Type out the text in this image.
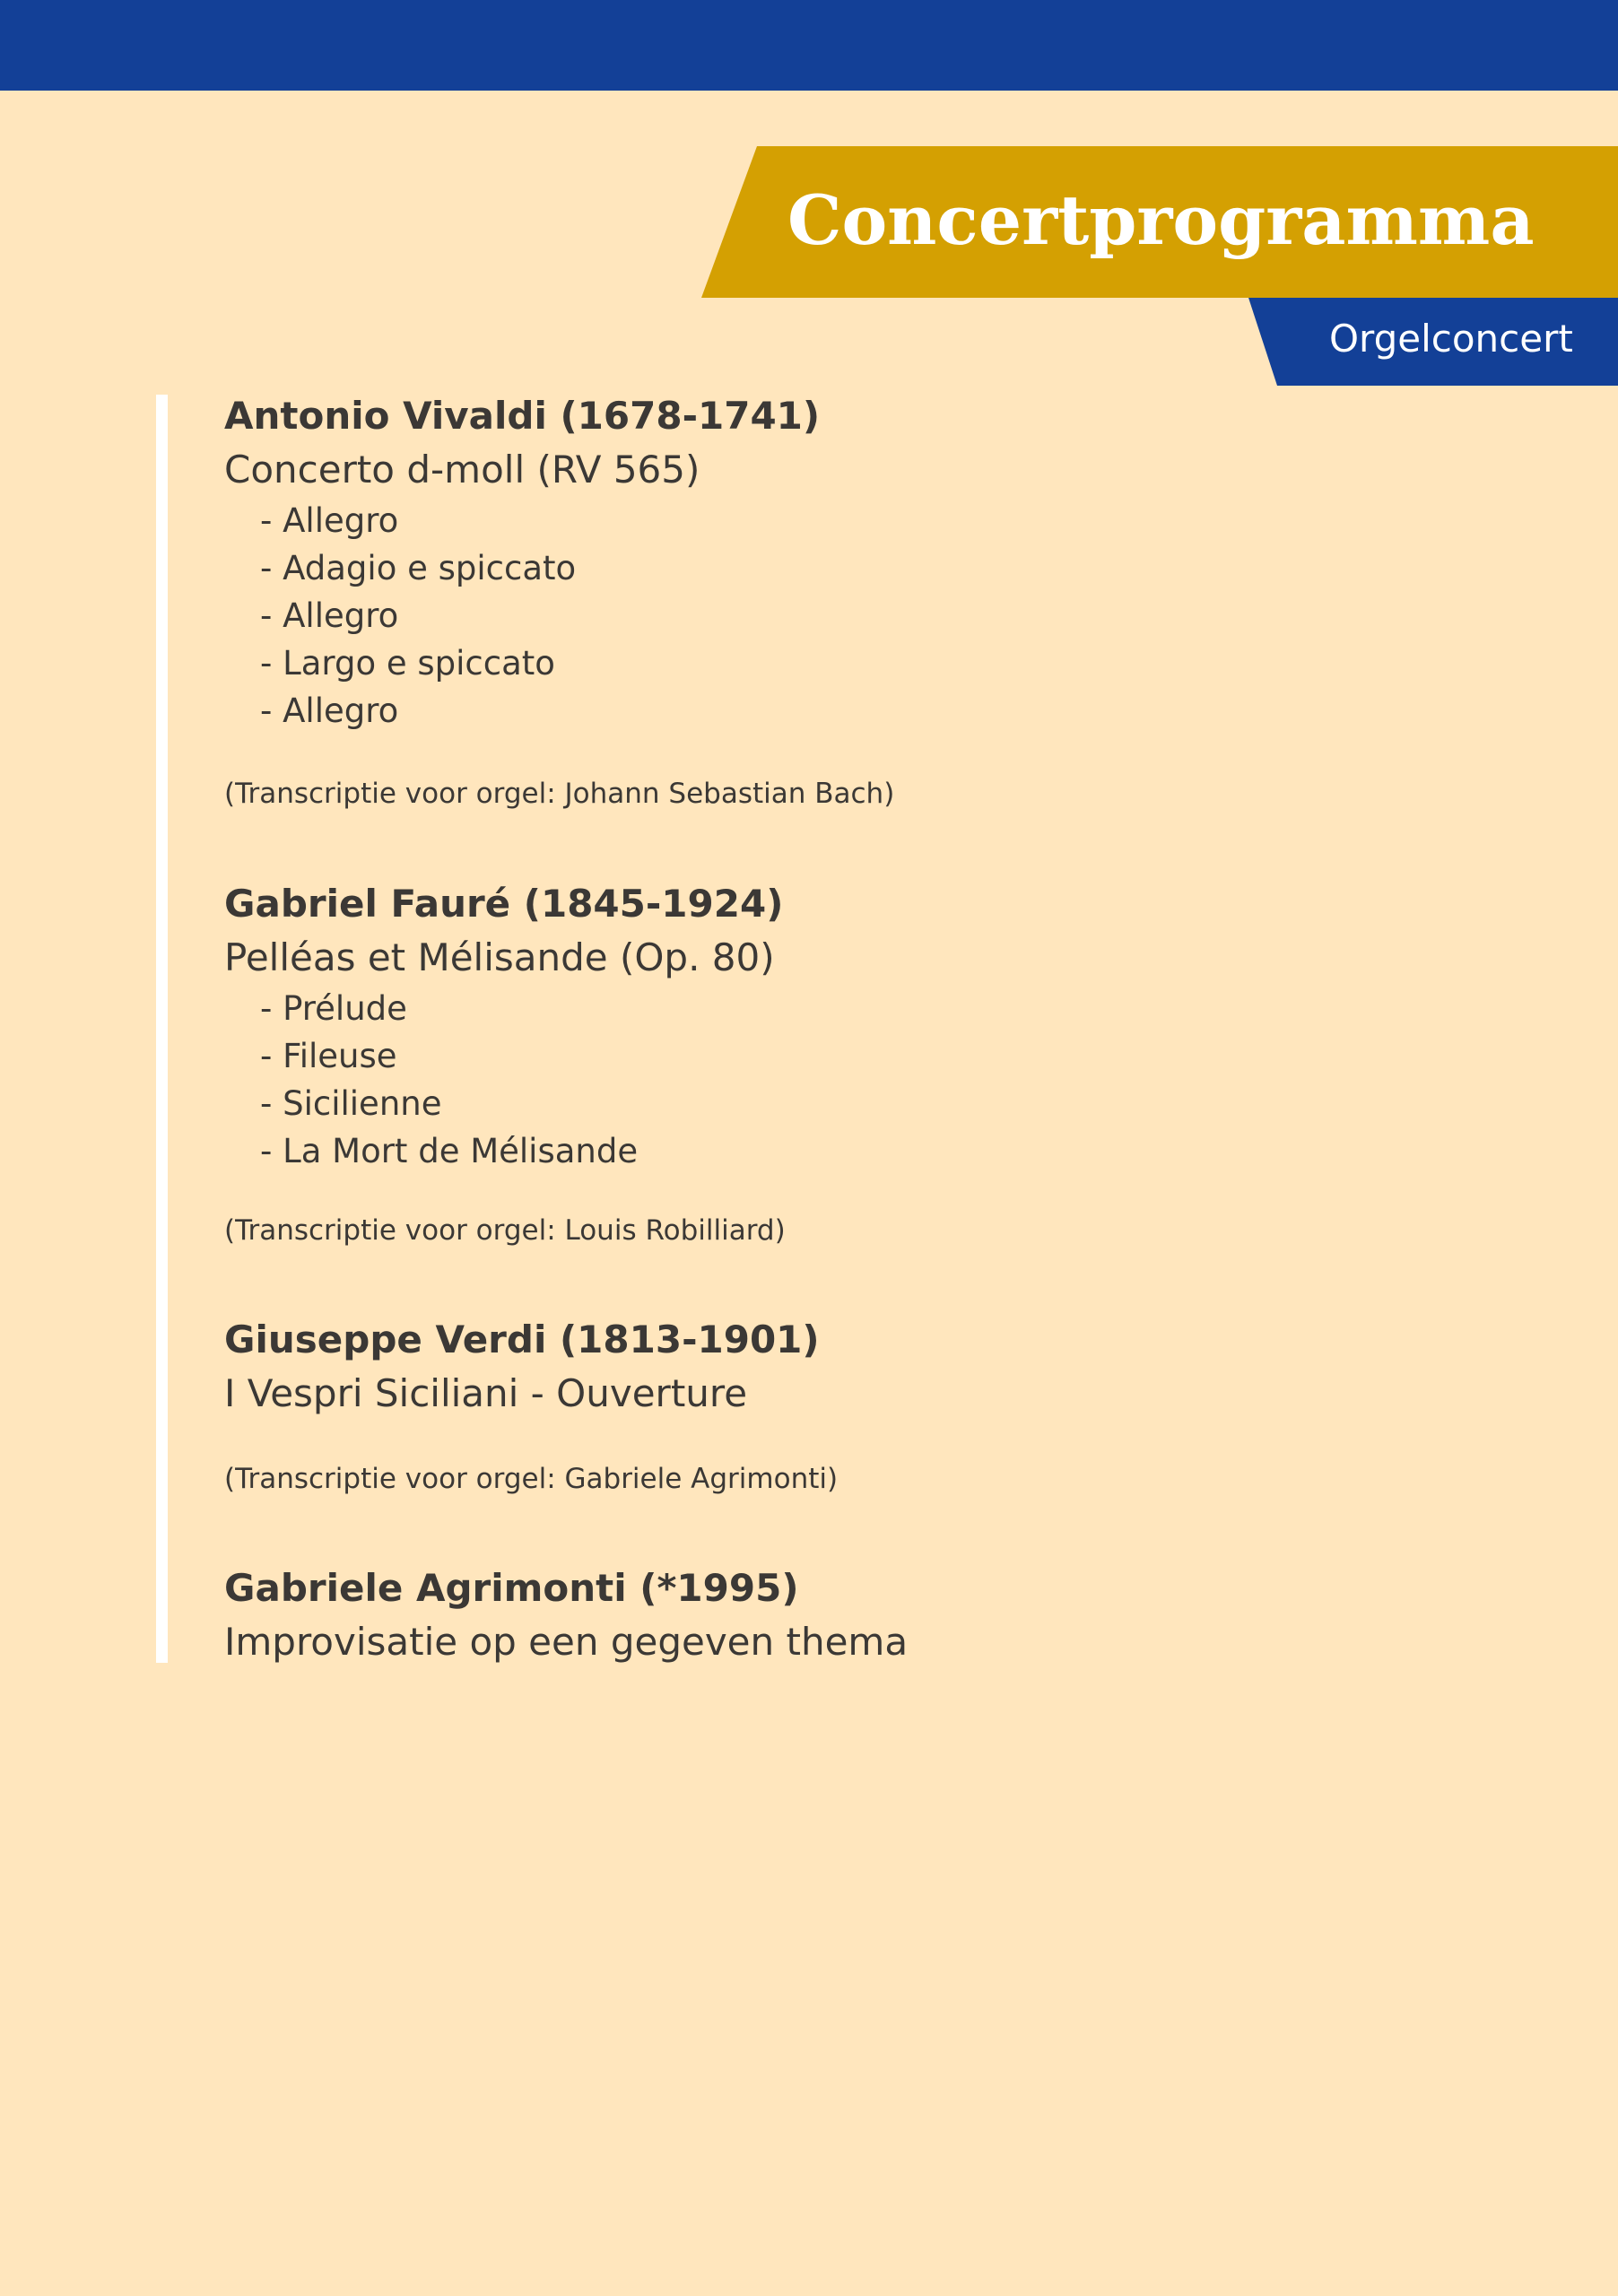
Concertprogramma
Orgelconcert
Antonio Vivaldi (1678-1741)
Concerto d-moll (RV 565)
- Allegro
- Adagio e spiccato
- Allegro
- Largo e spiccato
- Allegro
(Transcriptie voor orgel: Johann Sebastian Bach)
Gabriel Fauré (1845-1924)
Pelléas et Mélisande (Op. 80)
- Prélude
- Fileuse
- Sicilienne
- La Mort de Mélisande
(Transcriptie voor orgel: Louis Robilliard)
Giuseppe Verdi (1813-1901)
I Vespri Siciliani - Ouverture
(Transcriptie voor orgel: Gabriele Agrimonti)
Gabriele Agrimonti (*1995)
Improvisatie op een gegeven thema
